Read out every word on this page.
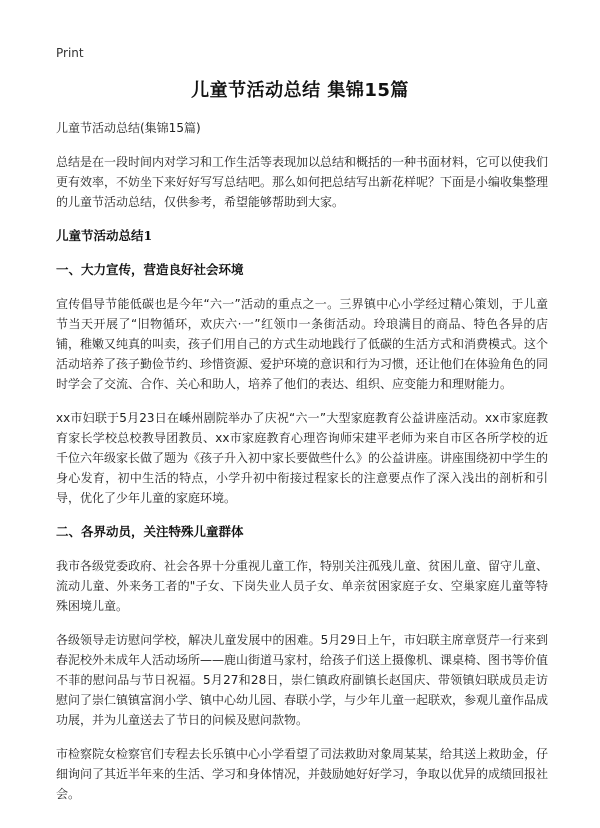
Print
儿童节活动总结 集锦15篇

儿童节活动总结(集锦15篇)

总结是在一段时间内对学习和工作生活等表现加以总结和概括的一种书面材料，它可以使我们更有效率，不妨坐下来好好写写总结吧。那么如何把总结写出新花样呢？下面是小编收集整理的儿童节活动总结，仅供参考，希望能够帮助到大家。

儿童节活动总结1
一、大力宣传，营造良好社会环境

宣传倡导节能低碳也是今年“六一”活动的重点之一。三界镇中心小学经过精心策划，于儿童节当天开展了“旧物循环，欢庆六·一”红领巾一条街活动。玲琅满目的商品、特色各异的店铺，稚嫩又纯真的叫卖，孩子们用自己的方式生动地践行了低碳的生活方式和消费模式。这个活动培养了孩子勤俭节约、珍惜资源、爱护环境的意识和行为习惯，还让他们在体验角色的同时学会了交流、合作、关心和助人，培养了他们的表达、组织、应变能力和理财能力。

xx市妇联于5月23日在嵊州剧院举办了庆祝“六一”大型家庭教育公益讲座活动。xx市家庭教育家长学校总校教导团教员、xx市家庭教育心理咨询师宋建平老师为来自市区各所学校的近千位六年级家长做了题为《孩子升入初中家长要做些什么》的公益讲座。讲座围绕初中学生的身心发育，初中生活的特点，小学升初中衔接过程家长的注意要点作了深入浅出的剖析和引导，优化了少年儿童的家庭环境。

二、各界动员，关注特殊儿童群体

我市各级党委政府、社会各界十分重视儿童工作，特别关注孤残儿童、贫困儿童、留守儿童、流动儿童、外来务工者的"子女、下岗失业人员子女、单亲贫困家庭子女、空巢家庭儿童等特殊困境儿童。

各级领导走访慰问学校，解决儿童发展中的困难。5月29日上午，市妇联主席章贤芹一行来到春泥校外未成年人活动场所——鹿山街道马家村，给孩子们送上摄像机、课桌椅、图书等价值不菲的慰问品与节日祝福。5月27和28日，崇仁镇政府副镇长赵国庆、带领镇妇联成员走访慰问了崇仁镇镇富润小学、镇中心幼儿园、春联小学，与少年儿童一起联欢，参观儿童作品成功展，并为儿童送去了节日的问候及慰问款物。

市检察院女检察官们专程去长乐镇中心小学看望了司法救助对象周某某，给其送上救助金，仔细询问了其近半年来的生活、学习和身体情况，并鼓励她好好学习，争取以优异的成绩回报社会。
